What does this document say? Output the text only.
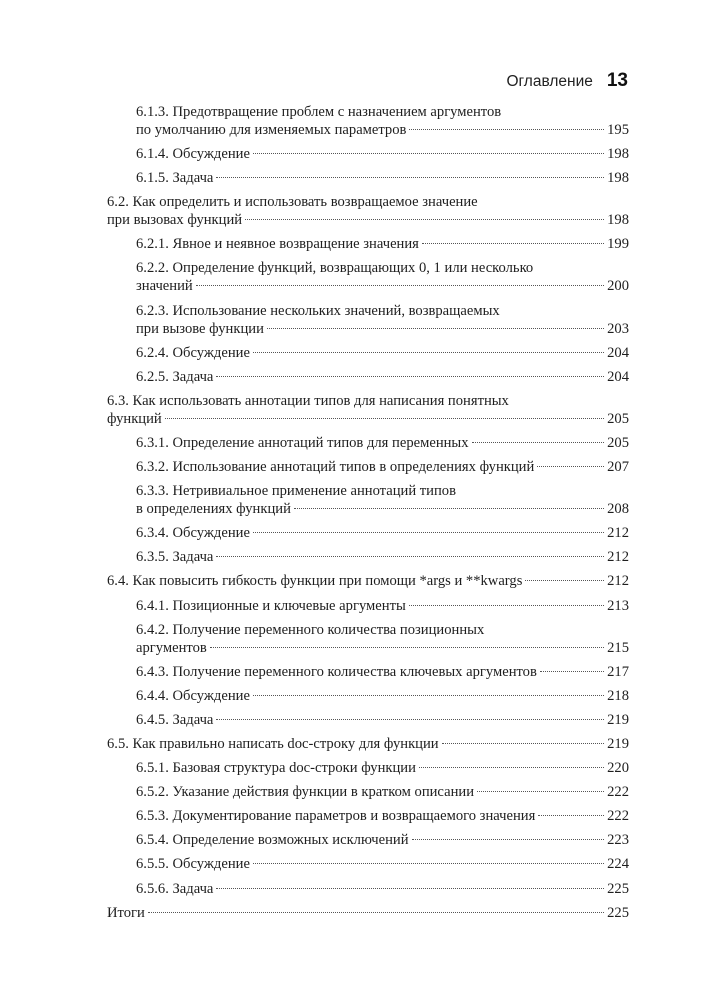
Оглавление 13
6.1.3. Предотвращение проблем с назначением аргументов
по умолчанию для изменяемых параметров	195
6.1.4. Обсуждение	198
6.1.5. Задача	198
6.2. Как определить и использовать возвращаемое значение
при вызовах функций	198
6.2.1. Явное и неявное возвращение значения	199
6.2.2. Определение функций, возвращающих 0, 1 или несколько
значений	200
6.2.3. Использование нескольких значений, возвращаемых
при вызове функции	203
6.2.4. Обсуждение	204
6.2.5. Задача	204
6.3. Как использовать аннотации типов для написания понятных
функций	205
6.3.1. Определение аннотаций типов для переменных	205
6.3.2. Использование аннотаций типов в определениях функций	207
6.3.3. Нетривиальное применение аннотаций типов
в определениях функций	208
6.3.4. Обсуждение	212
6.3.5. Задача	212
6.4. Как повысить гибкость функции при помощи *args и **kwargs	212
6.4.1. Позиционные и ключевые аргументы	213
6.4.2. Получение переменного количества позиционных
аргументов	215
6.4.3. Получение переменного количества ключевых аргументов	217
6.4.4. Обсуждение	218
6.4.5. Задача	219
6.5. Как правильно написать doc-строку для функции	219
6.5.1. Базовая структура doc-строки функции	220
6.5.2. Указание действия функции в кратком описании	222
6.5.3. Документирование параметров и возвращаемого значения	222
6.5.4. Определение возможных исключений	223
6.5.5. Обсуждение	224
6.5.6. Задача	225
Итоги	225
